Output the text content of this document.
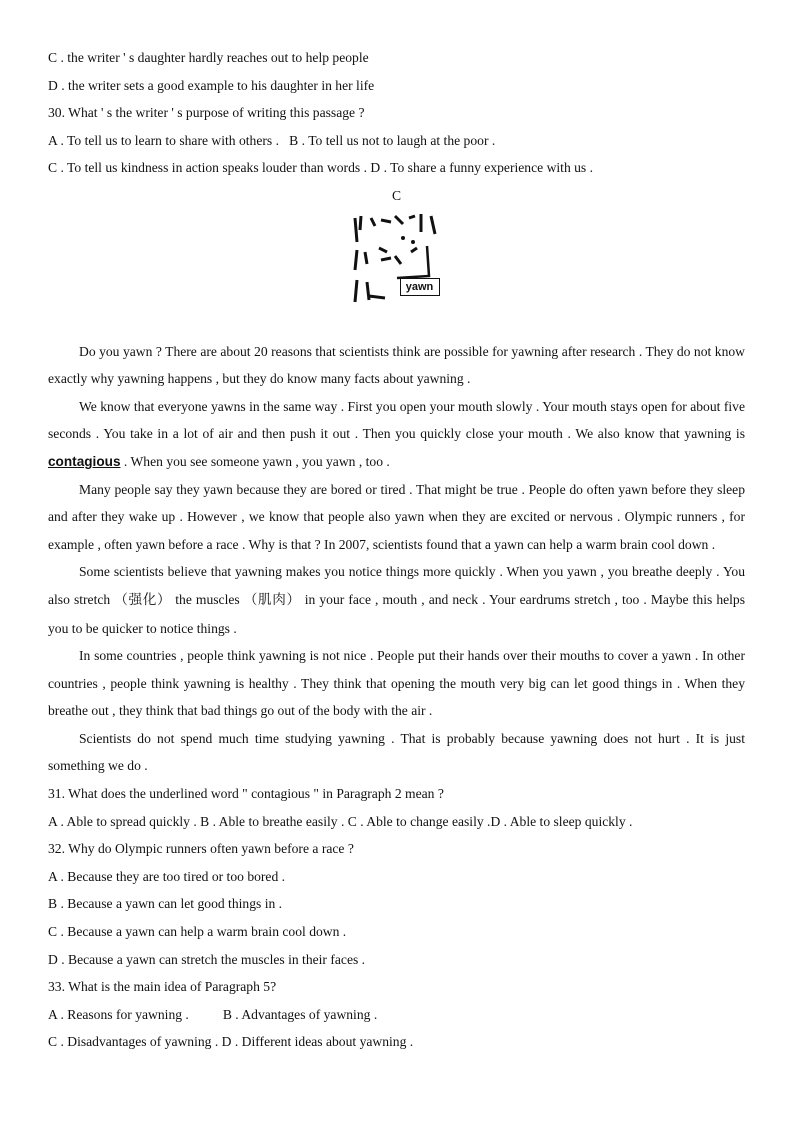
C . the writer ' s daughter hardly reaches out to help people
D . the writer sets a good example to his daughter in her life
30. What ' s the writer ' s purpose of writing this passage ?
A . To tell us to learn to share with others .   B . To tell us not to laugh at the poor .
C . To tell us kindness in action speaks louder than words . D . To share a funny experience with us .
C
yawn
Do you yawn ? There are about 20 reasons that scientists think are possible for yawning after research . They do not know exactly why yawning happens , but they do know many facts about yawning .
We know that everyone yawns in the same way . First you open your mouth slowly . Your mouth stays open for about five seconds . You take in a lot of air and then push it out . Then you quickly close your mouth . We also know that yawning is contagious . When you see someone yawn , you yawn , too .
Many people say they yawn because they are bored or tired . That might be true . People do often yawn before they sleep and after they wake up . However , we know that people also yawn when they are excited or nervous . Olympic runners , for example , often yawn before a race . Why is that ? In 2007, scientists found that a yawn can help a warm brain cool down .
Some scientists believe that yawning makes you notice things more quickly . When you yawn , you breathe deeply . You also stretch （强化） the muscles （肌肉） in your face , mouth , and neck . Your eardrums stretch , too . Maybe this helps you to be quicker to notice things .
In some countries , people think yawning is not nice . People put their hands over their mouths to cover a yawn . In other countries , people think yawning is healthy . They think that opening the mouth very big can let good things in . When they breathe out , they think that bad things go out of the body with the air .
Scientists do not spend much time studying yawning . That is probably because yawning does not hurt . It is just something we do .
31. What does the underlined word " contagious " in Paragraph 2 mean ?
A . Able to spread quickly . B . Able to breathe easily . C . Able to change easily .D . Able to sleep quickly .
32. Why do Olympic runners often yawn before a race ?
A . Because they are too tired or too bored .
B . Because a yawn can let good things in .
C . Because a yawn can help a warm brain cool down .
D . Because a yawn can stretch the muscles in their faces .
33. What is the main idea of Paragraph 5?
A . Reasons for yawning .          B . Advantages of yawning .
C . Disadvantages of yawning . D . Different ideas about yawning .
